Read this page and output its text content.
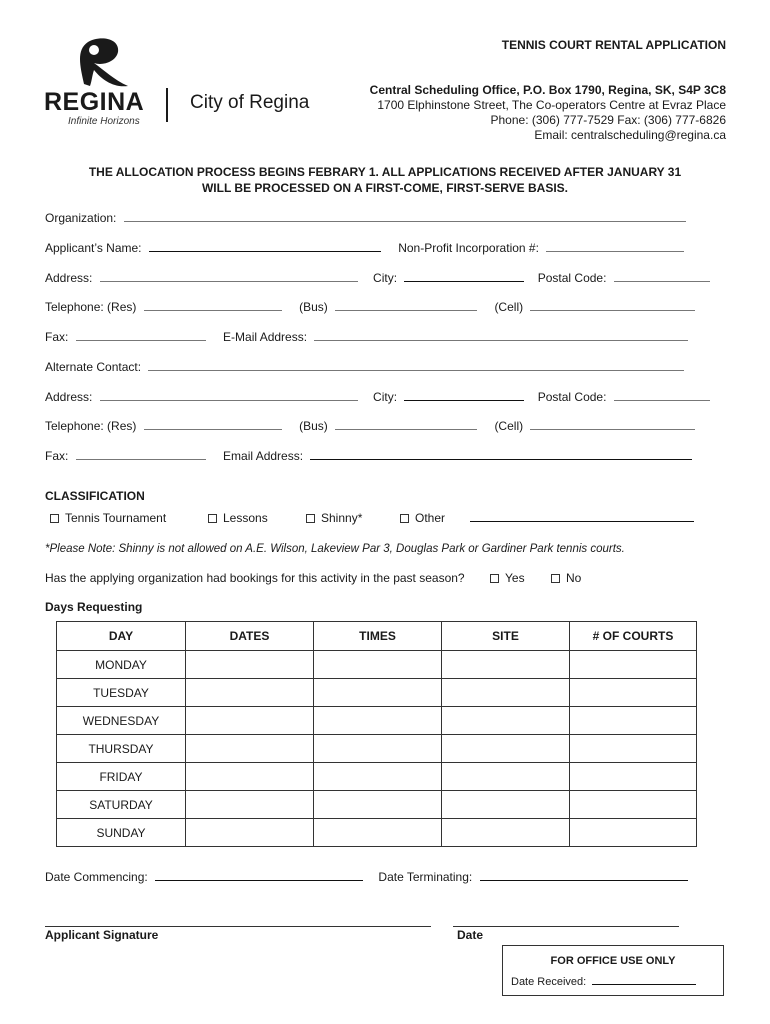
REGINA
Infinite Horizons
City of Regina
TENNIS COURT RENTAL APPLICATION
Central Scheduling Office, P.O. Box 1790, Regina, SK, S4P 3C8
1700 Elphinstone Street, The Co-operators Centre at Evraz Place
Phone: (306) 777-7529 Fax: (306) 777-6826
Email: centralscheduling@regina.ca
THE ALLOCATION PROCESS BEGINS FEBRARY 1. ALL APPLICATIONS RECEIVED AFTER JANUARY 31
WILL BE PROCESSED ON A FIRST-COME, FIRST-SERVE BASIS.
Organization:
Applicant’s Name:	Non-Profit Incorporation #:
Address:	City:	Postal Code:
Telephone: (Res)	(Bus)	(Cell)
Fax:	E-Mail Address:
Alternate Contact:
Address:	City:	Postal Code:
Telephone: (Res)	(Bus)	(Cell)
Fax:	Email Address:
CLASSIFICATION
Tennis Tournament	Lessons	Shinny*	Other
*Please Note: Shinny is not allowed on A.E. Wilson, Lakeview Par 3, Douglas Park or Gardiner Park tennis courts.
Has the applying organization had bookings for this activity in the past season?	Yes	No
Days Requesting
DAY	DATES	TIMES	SITE	# OF COURTS
MONDAY				
TUESDAY				
WEDNESDAY				
THURSDAY				
FRIDAY				
SATURDAY				
SUNDAY				
Date Commencing:	Date Terminating:
Applicant Signature	Date
FOR OFFICE USE ONLY
Date Received:
